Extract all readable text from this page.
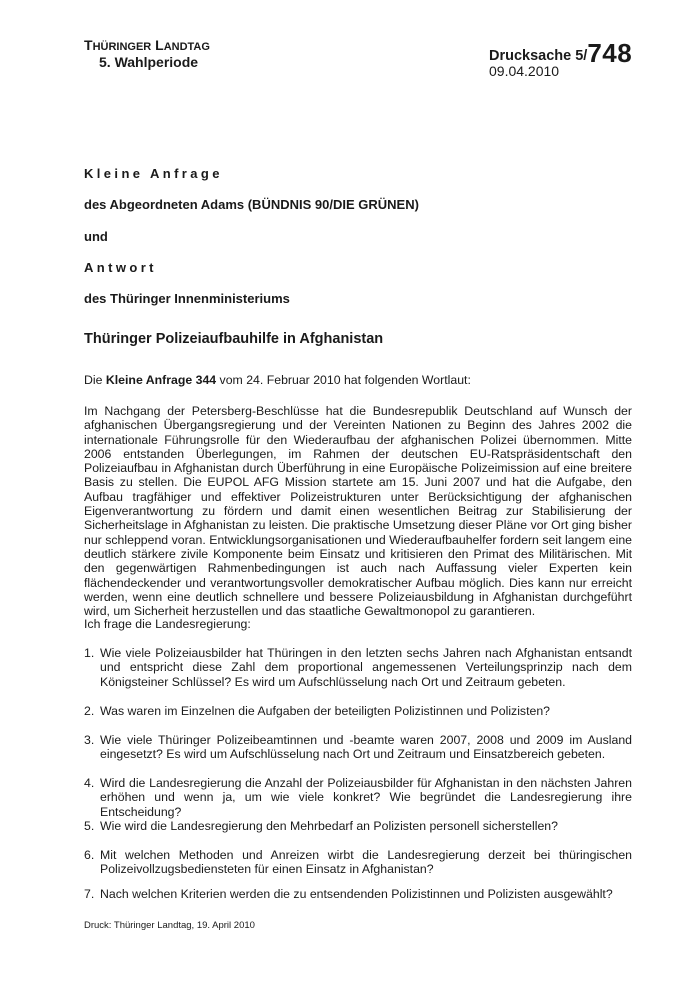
THÜRINGER LANDTAG
5. Wahlperiode	Drucksache 5/748
09.04.2010
Kleine Anfrage
des Abgeordneten Adams (BÜNDNIS 90/DIE GRÜNEN)
und
Antwort
des Thüringer Innenministeriums
Thüringer Polizeiaufbauhilfe in Afghanistan
Die Kleine Anfrage 344 vom 24. Februar 2010 hat folgenden Wortlaut:
Im Nachgang der Petersberg-Beschlüsse hat die Bundesrepublik Deutschland auf Wunsch der afghanischen Übergangsregierung und der Vereinten Nationen zu Beginn des Jahres 2002 die internationale Führungsrolle für den Wiederaufbau der afghanischen Polizei übernommen. Mitte 2006 entstanden Überlegungen, im Rahmen der deutschen EU-Ratspräsidentschaft den Polizeiaufbau in Afghanistan durch Überführung in eine Europäische Polizeimission auf eine breitere Basis zu stellen. Die EUPOL AFG Mission startete am 15. Juni 2007 und hat die Aufgabe, den Aufbau tragfähiger und effektiver Polizeistrukturen unter Berücksichtigung der afghanischen Eigenverantwortung zu fördern und damit einen wesentlichen Beitrag zur Stabilisierung der Sicherheitslage in Afghanistan zu leisten. Die praktische Umsetzung dieser Pläne vor Ort ging bisher nur schleppend voran. Entwicklungsorganisationen und Wiederaufbauhelfer fordern seit langem eine deutlich stärkere zivile Komponente beim Einsatz und kritisieren den Primat des Militärischen. Mit den gegenwärtigen Rahmenbedingungen ist auch nach Auffassung vieler Experten kein flächendeckender und verantwortungsvoller demokratischer Aufbau möglich. Dies kann nur erreicht werden, wenn eine deutlich schnellere und bessere Polizeiausbildung in Afghanistan durchgeführt wird, um Sicherheit herzustellen und das staatliche Gewaltmonopol zu garantieren.
Ich frage die Landesregierung:
1. Wie viele Polizeiausbilder hat Thüringen in den letzten sechs Jahren nach Afghanistan entsandt und entspricht diese Zahl dem proportional angemessenen Verteilungsprinzip nach dem Königsteiner Schlüssel? Es wird um Aufschlüsselung nach Ort und Zeitraum gebeten.
2. Was waren im Einzelnen die Aufgaben der beteiligten Polizistinnen und Polizisten?
3. Wie viele Thüringer Polizeibeamtinnen und -beamte waren 2007, 2008 und 2009 im Ausland eingesetzt? Es wird um Aufschlüsselung nach Ort und Zeitraum und Einsatzbereich gebeten.
4. Wird die Landesregierung die Anzahl der Polizeiausbilder für Afghanistan in den nächsten Jahren erhöhen und wenn ja, um wie viele konkret? Wie begründet die Landesregierung ihre Entscheidung?
5. Wie wird die Landesregierung den Mehrbedarf an Polizisten personell sicherstellen?
6. Mit welchen Methoden und Anreizen wirbt die Landesregierung derzeit bei thüringischen Polizeivollzugsbediensteten für einen Einsatz in Afghanistan?
7. Nach welchen Kriterien werden die zu entsendenden Polizistinnen und Polizisten ausgewählt?
Druck: Thüringer Landtag, 19. April 2010
